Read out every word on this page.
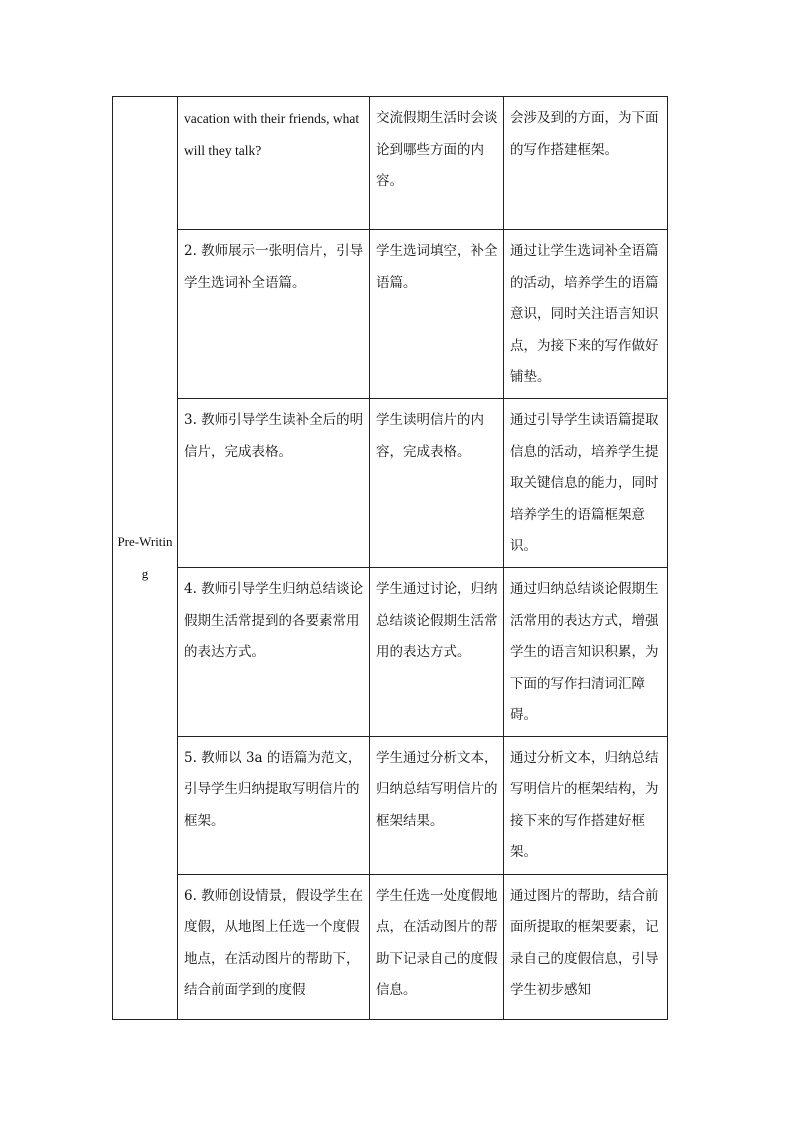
Pre-Writing	vacation with their friends, what will they talk?	交流假期生活时会谈论到哪些方面的内容。	会涉及到的方面，为下面的写作搭建框架。
	2. 教师展示一张明信片，引导学生选词补全语篇。	学生选词填空，补全语篇。	通过让学生选词补全语篇的活动，培养学生的语篇意识，同时关注语言知识点，为接下来的写作做好铺垫。
	3. 教师引导学生读补全后的明信片，完成表格。	学生读明信片的内容，完成表格。	通过引导学生读语篇提取信息的活动，培养学生提取关键信息的能力，同时培养学生的语篇框架意识。
	4. 教师引导学生归纳总结谈论假期生活常提到的各要素常用的表达方式。	学生通过讨论，归纳总结谈论假期生活常用的表达方式。	通过归纳总结谈论假期生活常用的表达方式，增强学生的语言知识积累，为下面的写作扫清词汇障碍。
	5. 教师以 3a 的语篇为范文，引导学生归纳提取写明信片的框架。	学生通过分析文本，归纳总结写明信片的框架结果。	通过分析文本，归纳总结写明信片的框架结构，为接下来的写作搭建好框架。
	6. 教师创设情景，假设学生在度假，从地图上任选一个度假地点，在活动图片的帮助下，结合前面学到的度假	学生任选一处度假地点，在活动图片的帮助下记录自己的度假信息。	通过图片的帮助，结合前面所提取的框架要素，记录自己的度假信息，引导学生初步感知
